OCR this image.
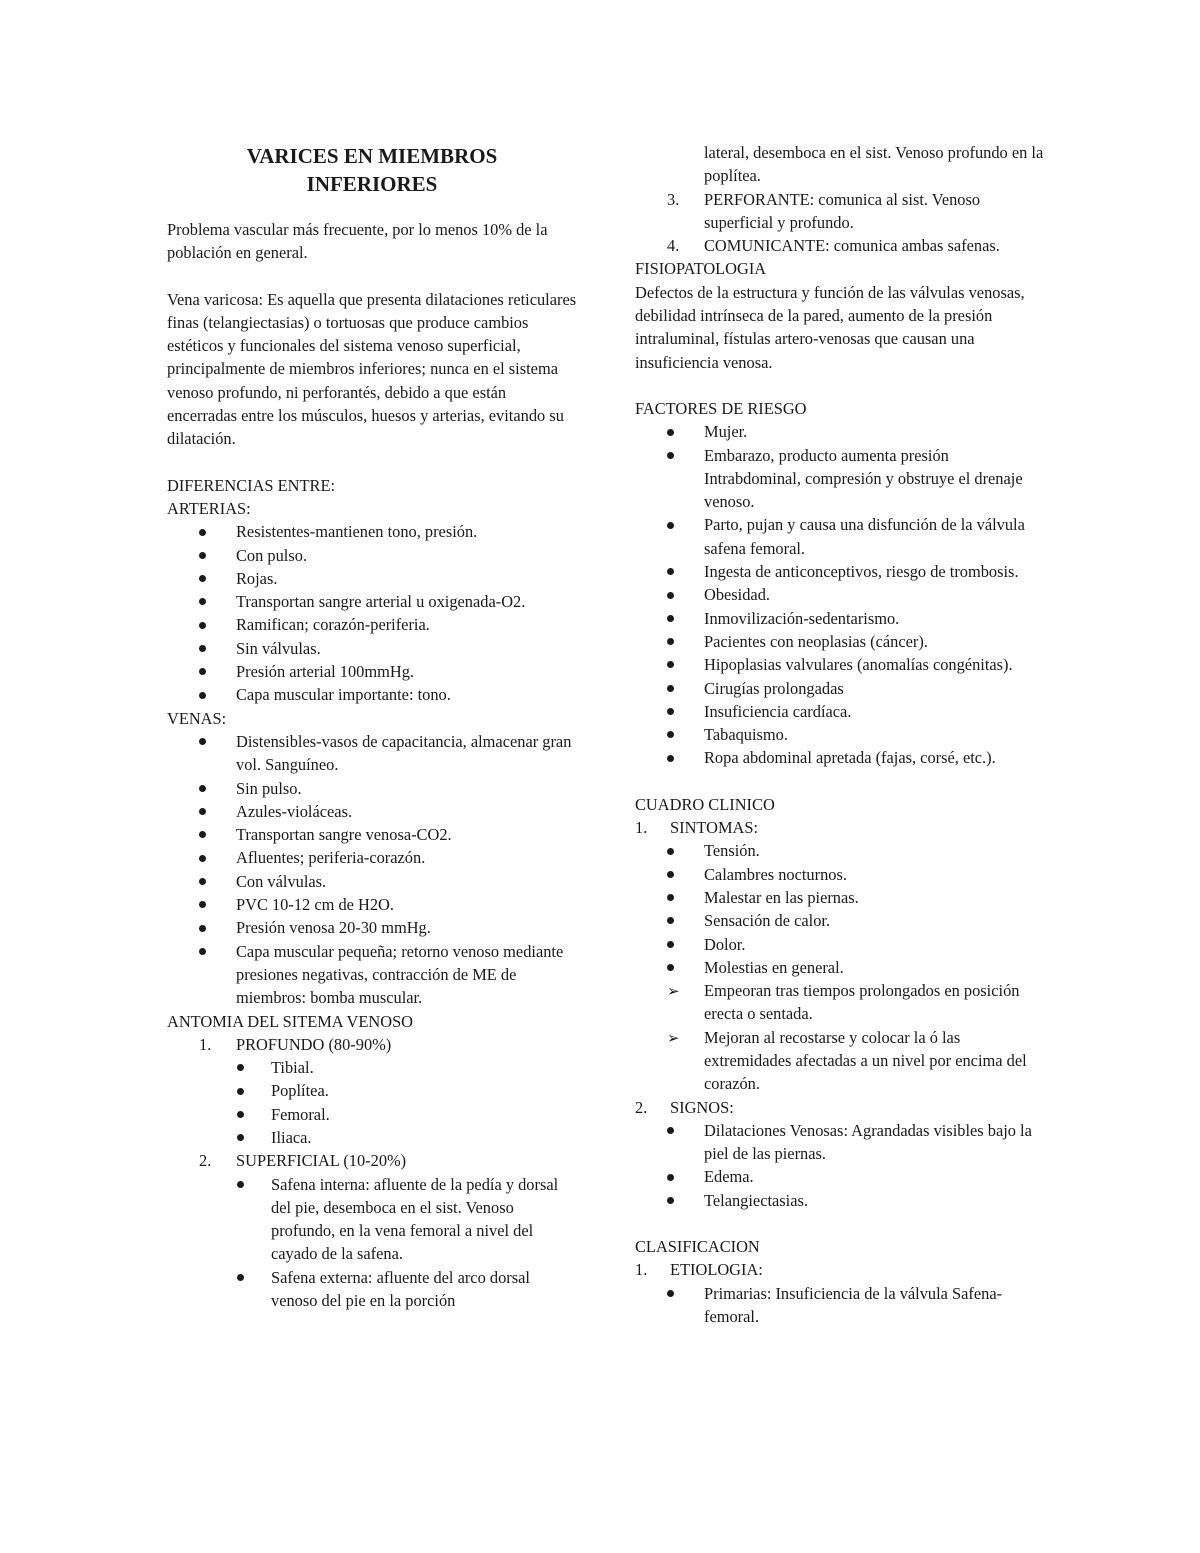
VARICES EN MIEMBROS
INFERIORES

Problema vascular más frecuente, por lo menos 10% de la población en general.

Vena varicosa: Es aquella que presenta dilataciones reticulares finas (telangiectasias) o tortuosas que produce cambios estéticos y funcionales del sistema venoso superficial, principalmente de miembros inferiores; nunca en el sistema venoso profundo, ni perforantés, debido a que están encerradas entre los músculos, huesos y arterias, evitando su dilatación.

DIFERENCIAS ENTRE:

ARTERIAS:

Resistentes-mantienen tono, presión.
Con pulso.
Rojas.
Transportan sangre arterial u oxigenada-O2.
Ramifican; corazón-periferia.
Sin válvulas.
Presión arterial 100mmHg.
Capa muscular importante: tono.

VENAS:

Distensibles-vasos de capacitancia, almacenar gran vol. Sanguíneo.
Sin pulso.
Azules-violáceas.
Transportan sangre venosa-CO2.
Afluentes; periferia-corazón.
Con válvulas.
PVC 10-12 cm de H2O.
Presión venosa 20-30 mmHg.
Capa muscular pequeña; retorno venoso mediante presiones negativas, contracción de ME de miembros: bomba muscular.

ANTOMIA DEL SITEMA VENOSO

1. PROFUNDO (80-90%)
Tibial.
Poplítea.
Femoral.
Iliaca.
2. SUPERFICIAL (10-20%)
Safena interna: afluente de la pedía y dorsal del pie, desemboca en el sist. Venoso profundo, en la vena femoral a nivel del cayado de la safena.
Safena externa: afluente del arco dorsal venoso del pie en la porción

lateral, desemboca en el sist. Venoso profundo en la poplítea.

3. PERFORANTE: comunica al sist. Venoso superficial y profundo.
4. COMUNICANTE: comunica ambas safenas.

FISIOPATOLOGIA

Defectos de la estructura y función de las válvulas venosas, debilidad intrínseca de la pared, aumento de la presión intraluminal, fístulas artero-venosas que causan una insuficiencia venosa.

FACTORES DE RIESGO

Mujer.
Embarazo, producto aumenta presión Intrabdominal, compresión y obstruye el drenaje venoso.
Parto, pujan y causa una disfunción de la válvula safena femoral.
Ingesta de anticonceptivos, riesgo de trombosis.
Obesidad.
Inmovilización-sedentarismo.
Pacientes con neoplasias (cáncer).
Hipoplasias valvulares (anomalías congénitas).
Cirugías prolongadas
Insuficiencia cardíaca.
Tabaquismo.
Ropa abdominal apretada (fajas, corsé, etc.).

CUADRO CLINICO

1. SINTOMAS:
Tensión.
Calambres nocturnos.
Malestar en las piernas.
Sensación de calor.
Dolor.
Molestias en general.
➢ Empeoran tras tiempos prolongados en posición erecta o sentada.
➢ Mejoran al recostarse y colocar la ó las extremidades afectadas a un nivel por encima del corazón.
2. SIGNOS:
Dilataciones Venosas: Agrandadas visibles bajo la piel de las piernas.
Edema.
Telangiectasias.

CLASIFICACION

1. ETIOLOGIA:
Primarias: Insuficiencia de la válvula Safena-femoral.
